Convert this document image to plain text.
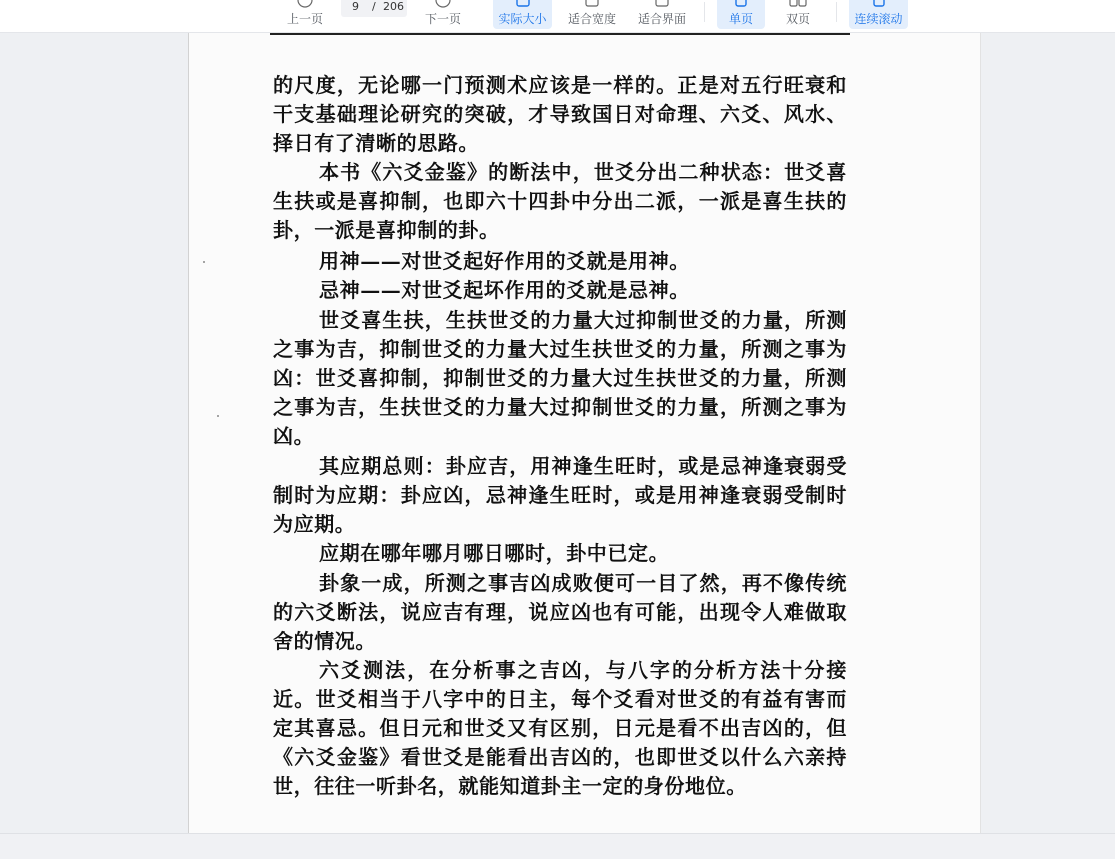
上一页
9 / 206
下一页	实际大小	适合宽度	适合界面	单页	双页	连续滚动

的尺度，无论哪一门预测术应该是一样的。正是对五行旺衰和干支基础理论研究的突破，才导致国日对命理、六爻、风水、择日有了清晰的思路。

本书《六爻金鉴》的断法中，世爻分出二种状态：世爻喜生扶或是喜抑制，也即六十四卦中分出二派，一派是喜生扶的卦，一派是喜抑制的卦。

用神——对世爻起好作用的爻就是用神。

忌神——对世爻起坏作用的爻就是忌神。

世爻喜生扶，生扶世爻的力量大过抑制世爻的力量，所测之事为吉，抑制世爻的力量大过生扶世爻的力量，所测之事为凶：世爻喜抑制，抑制世爻的力量大过生扶世爻的力量，所测之事为吉，生扶世爻的力量大过抑制世爻的力量，所测之事为凶。

其应期总则：卦应吉，用神逢生旺时，或是忌神逢衰弱受制时为应期：卦应凶，忌神逢生旺时，或是用神逢衰弱受制时为应期。

应期在哪年哪月哪日哪时，卦中已定。

卦象一成，所测之事吉凶成败便可一目了然，再不像传统的六爻断法，说应吉有理，说应凶也有可能，出现令人难做取舍的情况。

六爻测法，在分析事之吉凶，与八字的分析方法十分接近。世爻相当于八字中的日主，每个爻看对世爻的有益有害而定其喜忌。但日元和世爻又有区别，日元是看不出吉凶的，但《六爻金鉴》看世爻是能看出吉凶的，也即世爻以什么六亲持世，往往一听卦名，就能知道卦主一定的身份地位。
